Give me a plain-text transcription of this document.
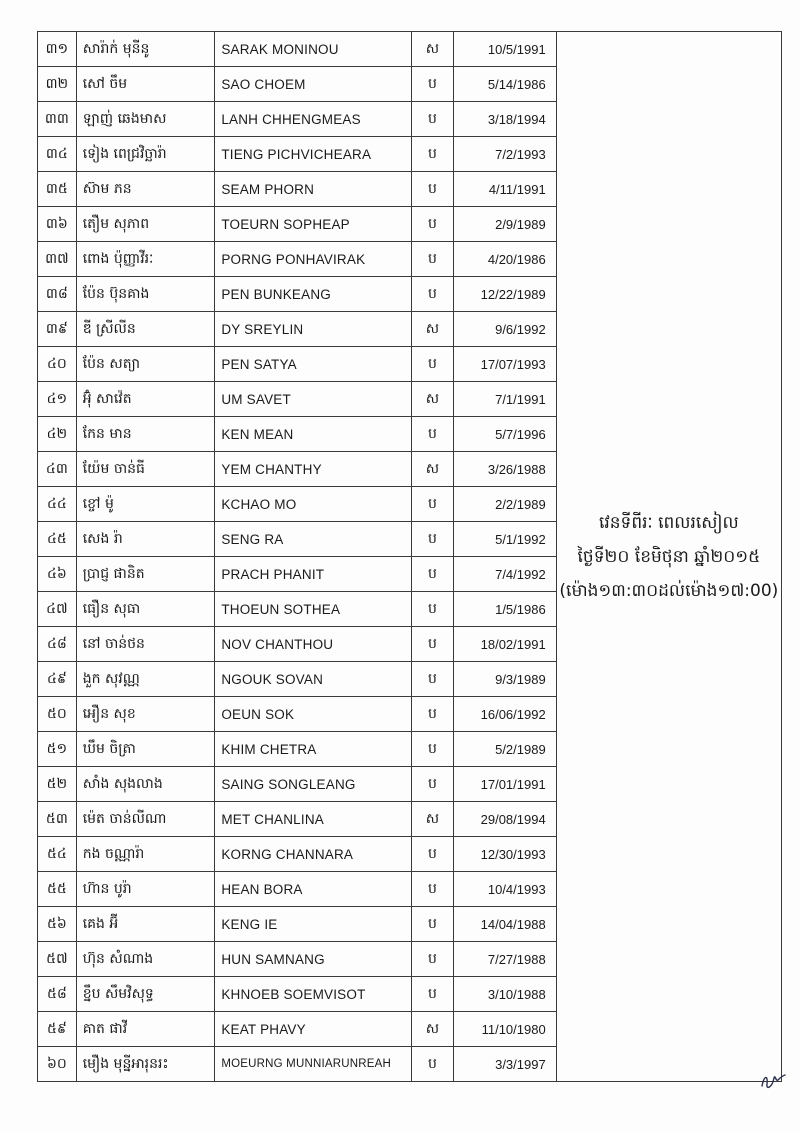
៣១	សារ៉ាក់ មុនីនូ	SARAK MONINOU	ស	10/5/1991	វេនទីពីរៈ ពេលរសៀល
ថ្ងៃទី២០ ខែមិថុនា ឆ្នាំ២០១៥
(ម៉ោង១៣:៣០ដល់ម៉ោង១៧:00)

៣២	សៅ ចឹម	SAO CHOEM	ប	5/14/1986	
៣៣	ឡាញ់ ឆេងមាស	LANH CHHENGMEAS	ប	3/18/1994	
៣៤	ទៀង ពេជ្រវិច្ឆារ៉ា	TIENG PICHVICHEARA	ប	7/2/1993	
៣៥	ស៊ាម ភន	SEAM PHORN	ប	4/11/1991	
៣៦	តឿម សុភាព	TOEURN SOPHEAP	ប	2/9/1989	
៣៧	ពោង ប៉ុញ្ញាវីរៈ	PORNG PONHAVIRAK	ប	4/20/1986	
៣៨	ប៉ែន ប៊ុនគាង	PEN BUNKEANG	ប	12/22/1989	
៣៩	ឌី ស្រីលីន	DY SREYLIN	ស	9/6/1992	
៤០	ប៉ែន សត្យា	PEN SATYA	ប	17/07/1993	
៤១	អ៊ុំ សាវ៉េត	UM SAVET	ស	7/1/1991	
៤២	កែន មាន	KEN MEAN	ប	5/7/1996	
៤៣	យ៉ែម ចាន់ធី	YEM CHANTHY	ស	3/26/1988	
៤៤	ខ្ចៅ ម៉ូ	KCHAO MO	ប	2/2/1989	
៤៥	សេង រ៉ា	SENG RA	ប	5/1/1992	
៤៦	ប្រាជ្ញ ផានិត	PRACH PHANIT	ប	7/4/1992	
៤៧	ធឿន សុធា	THOEUN SOTHEA	ប	1/5/1986	
៤៨	នៅ ចាន់ថន	NOV CHANTHOU	ប	18/02/1991	
៤៩	ងួក សុវណ្ណ	NGOUK SOVAN	ប	9/3/1989	
៥០	អឿន សុខ	OEUN SOK	ប	16/06/1992	
៥១	ឃឹម ចិត្រា	KHIM CHETRA	ប	5/2/1989	
៥២	សាំង សុងលាង	SAING SONGLEANG	ប	17/01/1991	
៥៣	ម៉េត ចាន់លីណា	MET CHANLINA	ស	29/08/1994	
៥៤	កង ចណ្ណារ៉ា	KORNG CHANNARA	ប	12/30/1993	
៥៥	ហ៊ាន បូរ៉ា	HEAN BORA	ប	10/4/1993	
៥៦	គេង អ៊ី	KENG IE	ប	14/04/1988	
៥៧	ហ៊ុន សំណាង	HUN SAMNANG	ប	7/27/1988	
៥៨	ខ្នឹប សឹមវិសុទ្ធ	KHNOEB SOEMVISOT	ប	3/10/1988	
៥៩	គាត ផាវី	KEAT PHAVY	ស	11/10/1980	
៦០	មឿង មុន្នីអារុនរះ	MOEURNG MUNNIARUNREAH	ប	3/3/1997	
